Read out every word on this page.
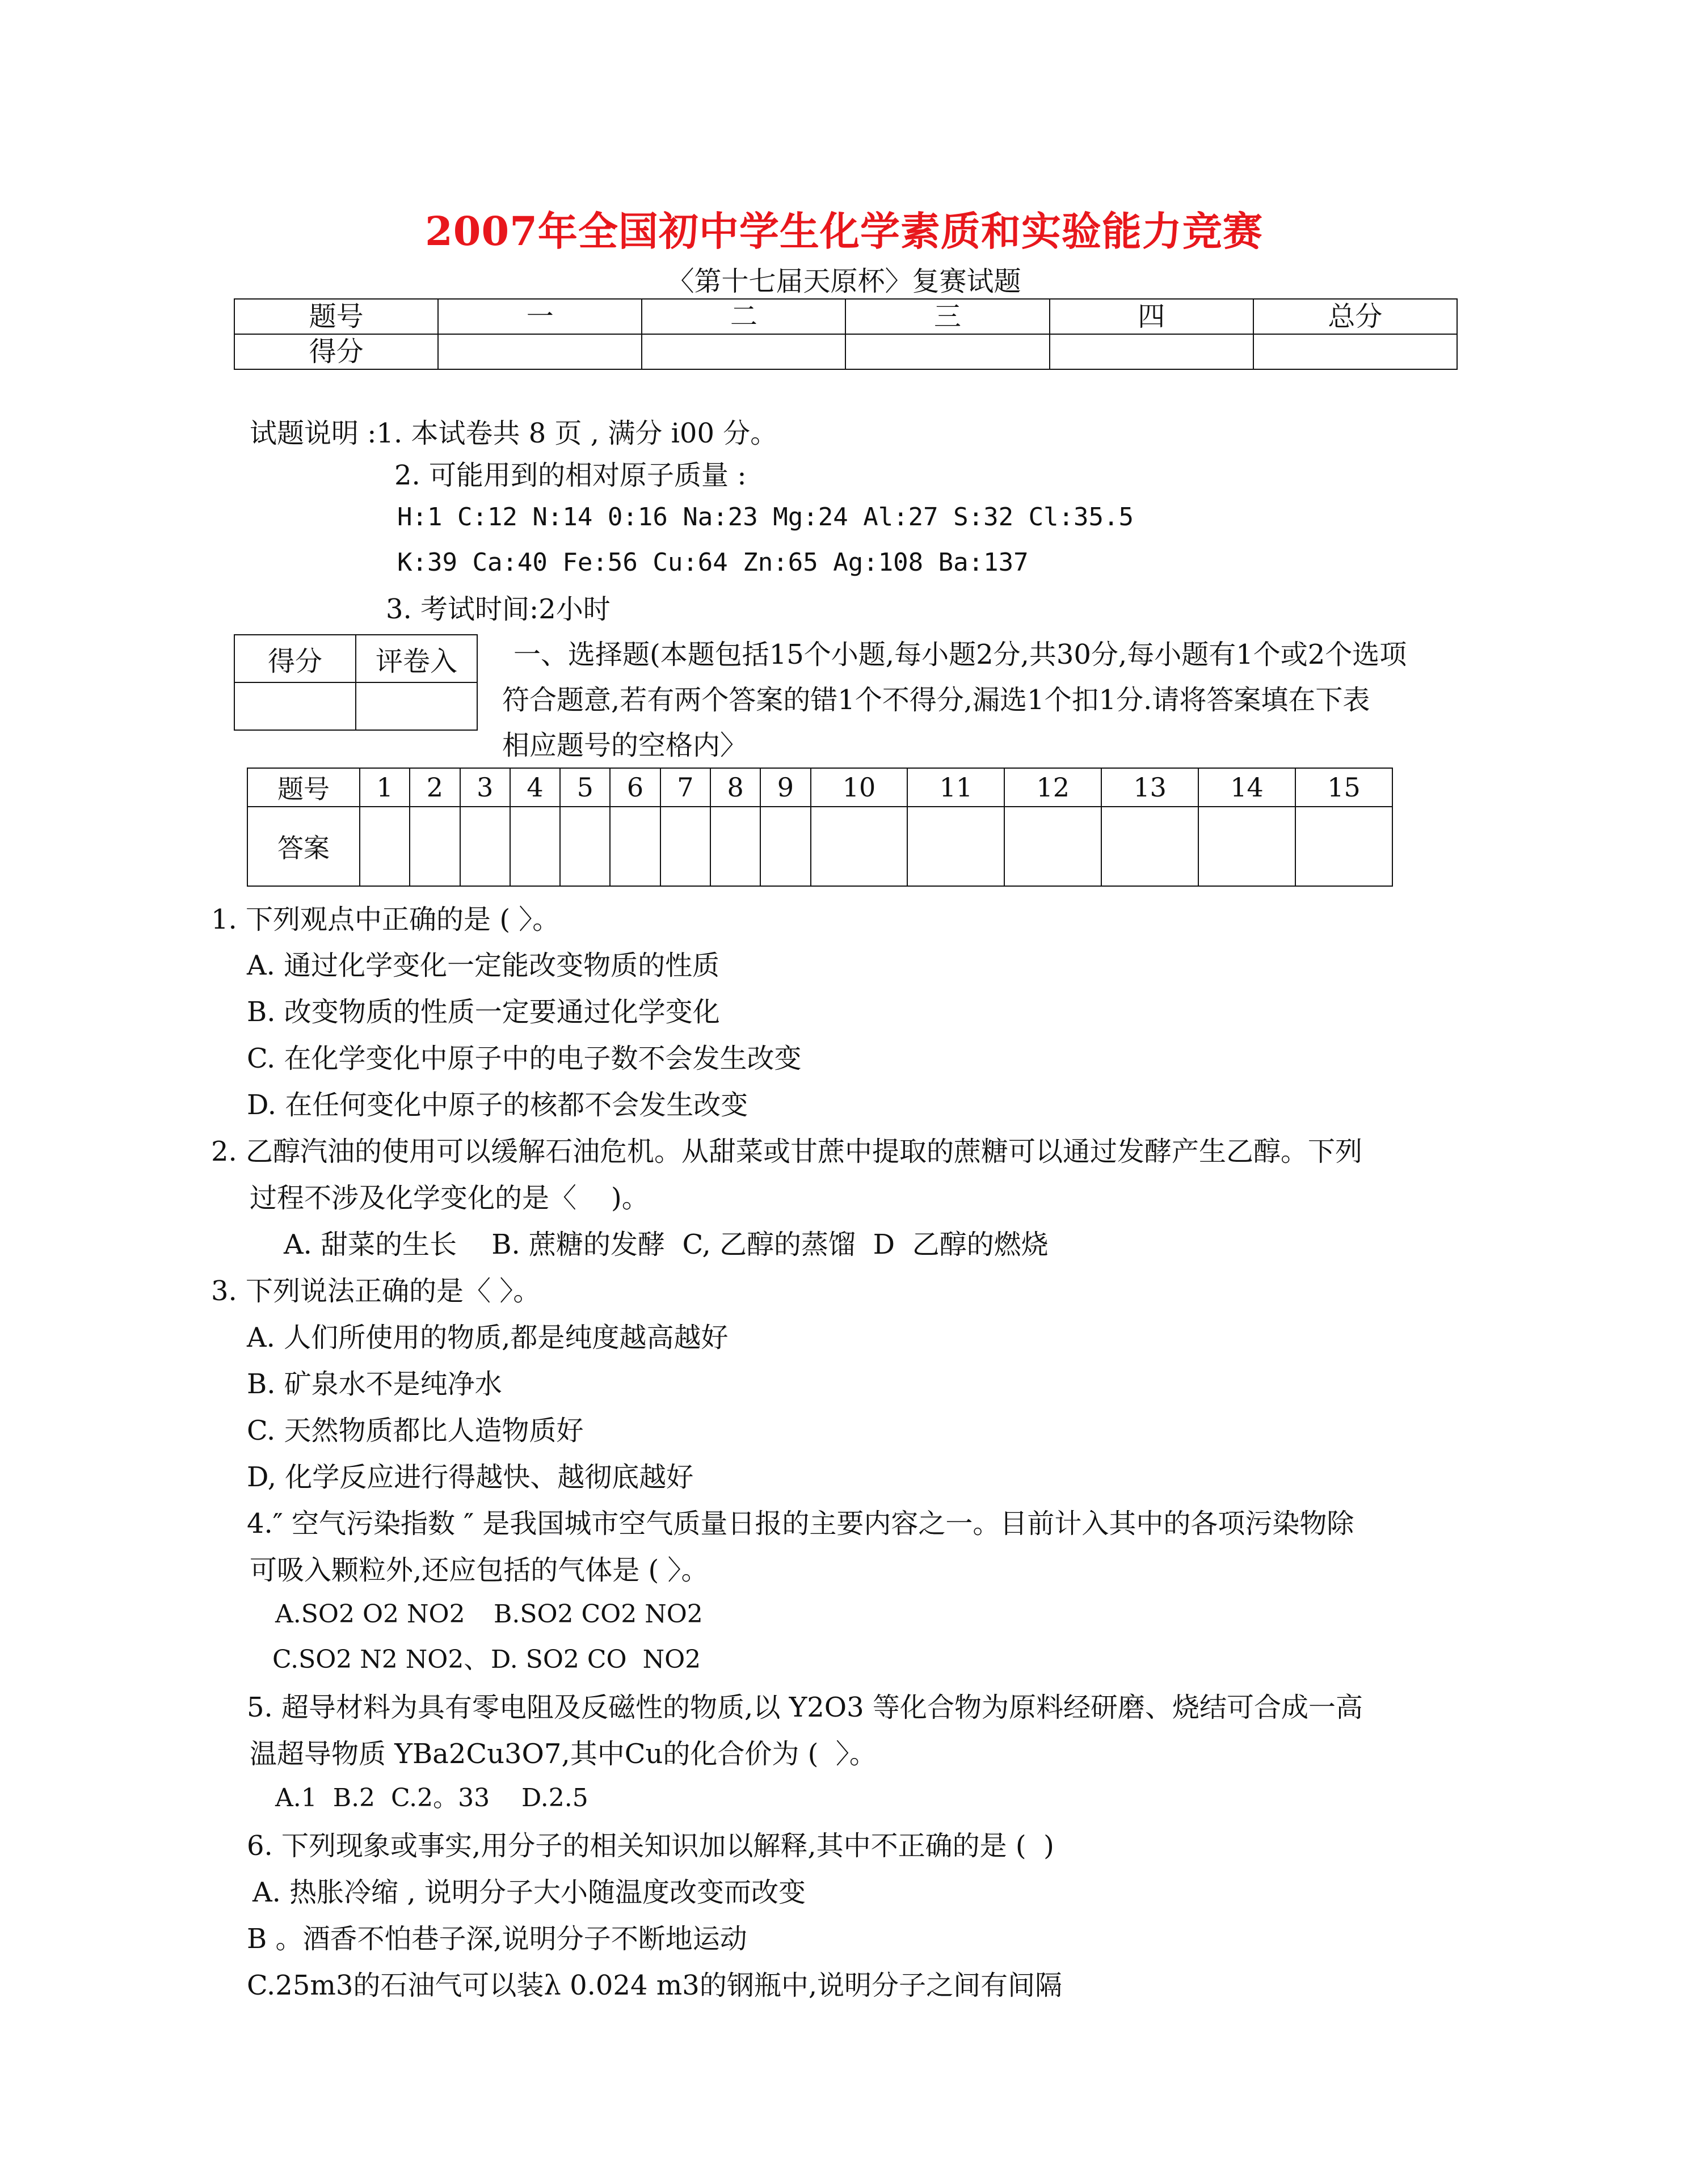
2007年全国初中学生化学素质和实验能力竞赛
〈第十七届天原杯〉复赛试题
题号	一	二	三	四	总分
得分					
试题说明 :1. 本试卷共 8 页 , 满分 i00 分。
2. 可能用到的相对原子质量 :
H:1 C:12 N:14 0:16 Na:23 Mg:24 Al:27 S:32 Cl:35.5
K:39 Ca:40 Fe:56 Cu:64 Zn:65 Ag:108 Ba:137
3. 考试时间:2小时
得分	评卷入
	一、选择题(本题包括15个小题,每小题2分,共30分,每小题有1个或2个选项
符合题意,若有两个答案的错1个不得分,漏选1个扣1分.请将答案填在下表
相应题号的空格内〉
题号	1	2	3	4	5	6	7	8	9	10	11	12	13	14	15
答案															
1. 下列观点中正确的是 ( 〉。
A. 通过化学变化一定能改变物质的性质
B. 改变物质的性质一定要通过化学变化
C. 在化学变化中原子中的电子数不会发生改变
D. 在任何变化中原子的核都不会发生改变
2. 乙醇汽油的使用可以缓解石油危机。从甜菜或甘蔗中提取的蔗糖可以通过发酵产生乙醇。下列
过程不涉及化学变化的是〈    )。
A. 甜菜的生长    B. 蔗糖的发酵  C, 乙醇的蒸馏  D  乙醇的燃烧
3. 下列说法正确的是〈 〉。
A. 人们所使用的物质,都是纯度越高越好
B. 矿泉水不是纯净水
C. 天然物质都比人造物质好
D, 化学反应进行得越快、越彻底越好
4.″ 空气污染指数 ″ 是我国城市空气质量日报的主要内容之一。目前计入其中的各项污染物除
可吸入颗粒外,还应包括的气体是 ( 〉。
A.SO2 O2 NO2 B.SO2 CO2 NO2
C.SO2 N2 NO2、 D. SO2 CO  NO2
5. 超导材料为具有零电阻及反磁性的物质,以 Y2O3 等化合物为原料经研磨、烧结可合成一高
温超导物质 YBa2Cu3O7,其中Cu的化合价为 (  〉。
A.1  B.2  C.2。33    D.2.5
6. 下列现象或事实,用分子的相关知识加以解释,其中不正确的是 (  )
A. 热胀冷缩 , 说明分子大小随温度改变而改变
B 。酒香不怕巷子深,说明分子不断地运动
C.25m3的石油气可以装λ 0.024 m3的钢瓶中,说明分子之间有间隔
